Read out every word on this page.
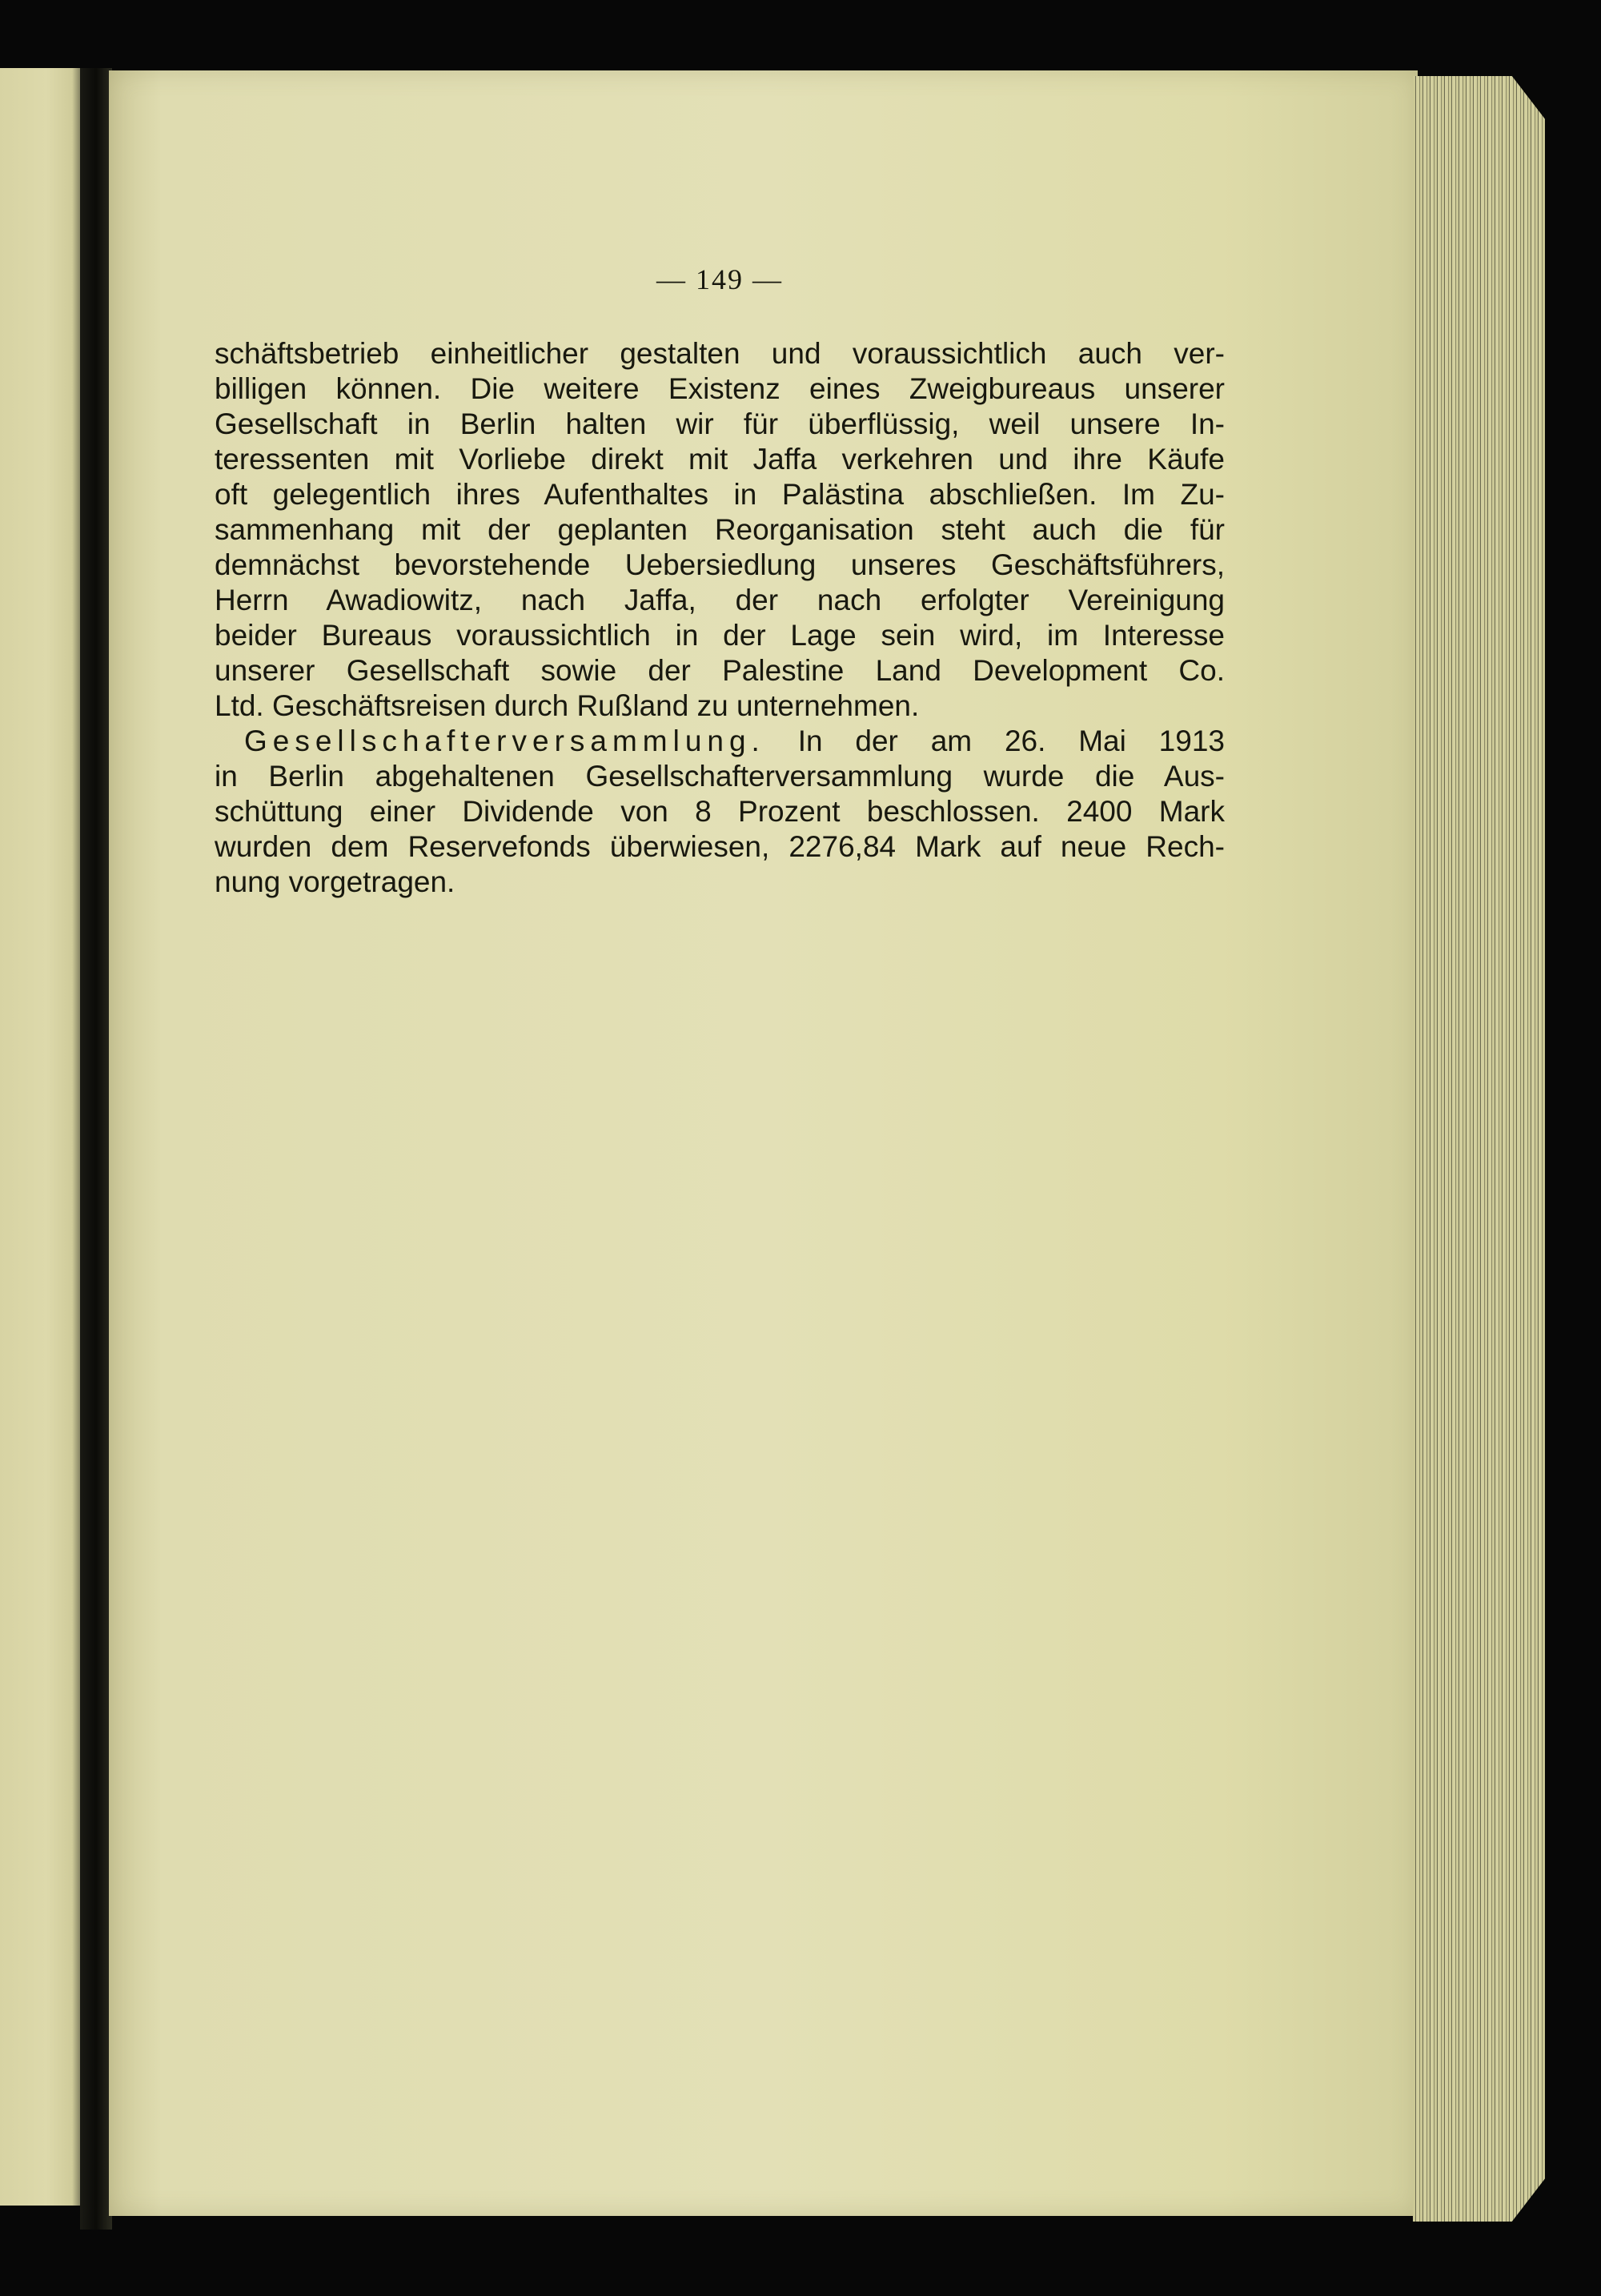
— 149 —
schäftsbetrieb einheitlicher gestalten und voraussichtlich auch ver-
billigen können. Die weitere Existenz eines Zweigbureaus unserer
Gesellschaft in Berlin halten wir für überflüssig, weil unsere In-
teressenten mit Vorliebe direkt mit Jaffa verkehren und ihre Käufe
oft gelegentlich ihres Aufenthaltes in Palästina abschließen. Im Zu-
sammenhang mit der geplanten Reorganisation steht auch die für
demnächst bevorstehende Uebersiedlung unseres Geschäftsführers,
Herrn Awadiowitz, nach Jaffa, der nach erfolgter Vereinigung
beider Bureaus voraussichtlich in der Lage sein wird, im Interesse
unserer Gesellschaft sowie der Palestine Land Development Co.
Ltd. Geschäftsreisen durch Rußland zu unternehmen.
Gesellschafterversammlung. In der am 26. Mai 1913
in Berlin abgehaltenen Gesellschafterversammlung wurde die Aus-
schüttung einer Dividende von 8 Prozent beschlossen. 2400 Mark
wurden dem Reservefonds überwiesen, 2276,84 Mark auf neue Rech-
nung vorgetragen.
